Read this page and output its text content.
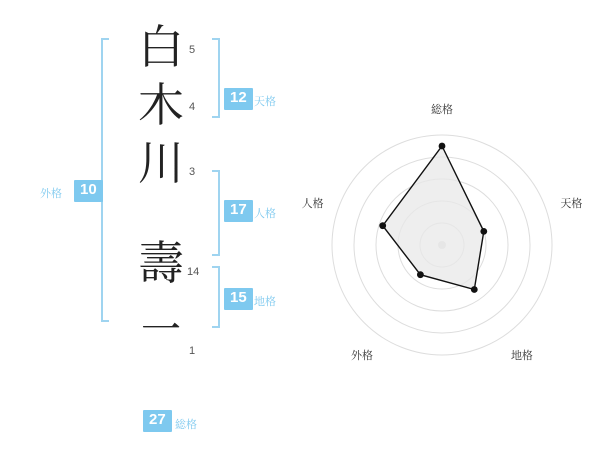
白
木
川
壽
一
5
4
3
14
1
12 天格
17 人格
15 地格
10
外格
27 総格
総格
天格
地格
外格
人格
